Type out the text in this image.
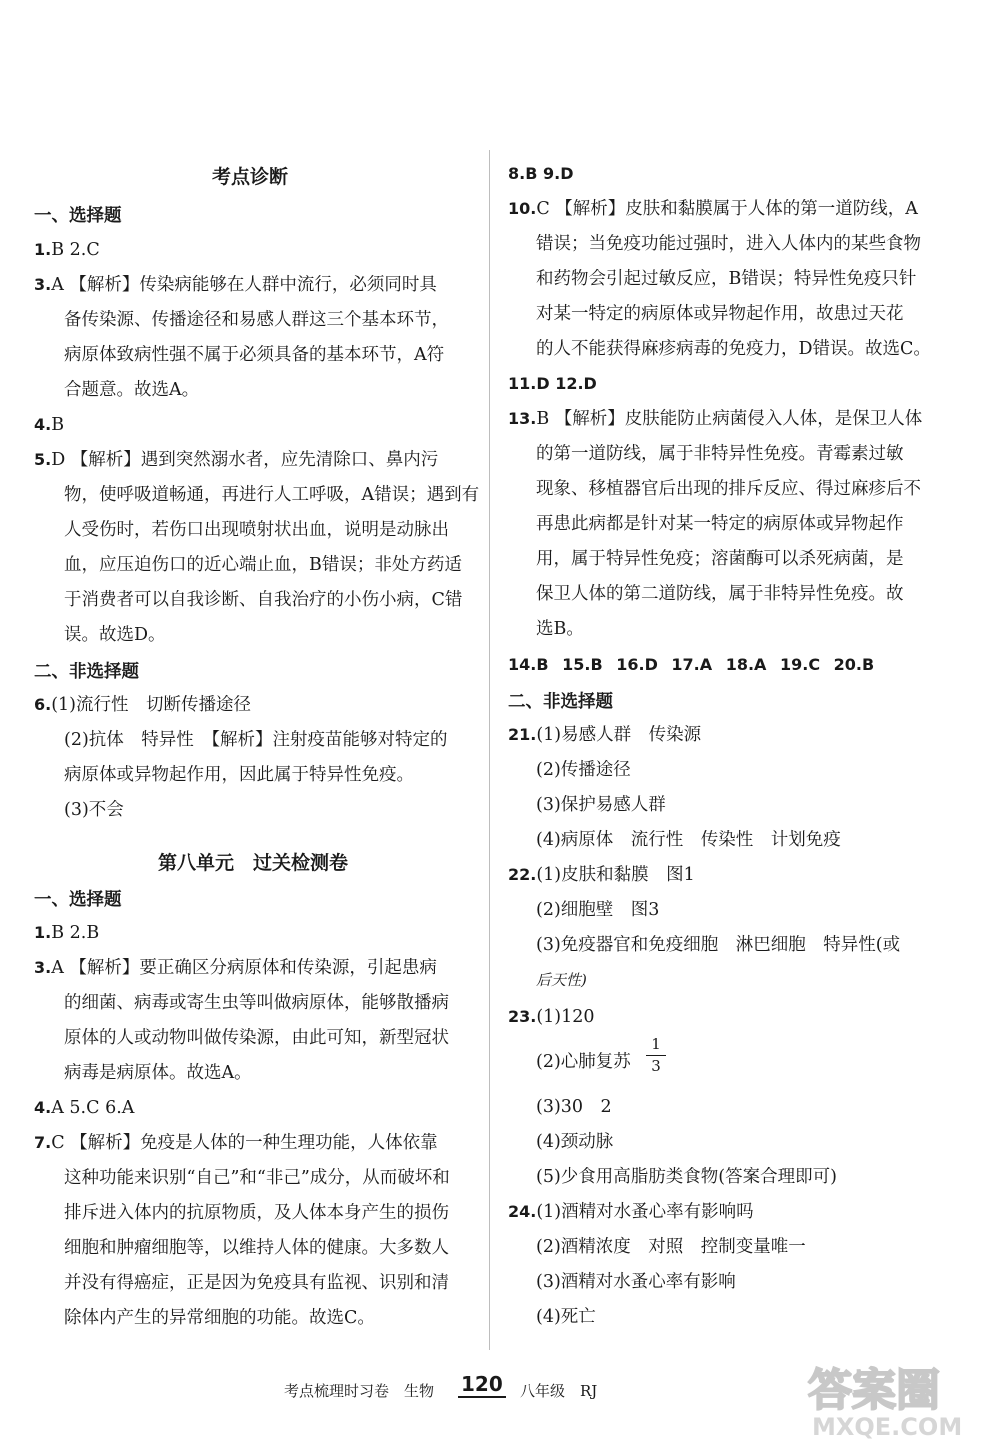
考点诊断
一、选择题
1.B 2.C
3.A 【解析】传染病能够在人群中流行，必须同时具
备传染源、传播途径和易感人群这三个基本环节，
病原体致病性强不属于必须具备的基本环节，A符
合题意。故选A。
4.B
5.D 【解析】遇到突然溺水者，应先清除口、鼻内污
物，使呼吸道畅通，再进行人工呼吸，A错误；遇到有
人受伤时，若伤口出现喷射状出血，说明是动脉出
血，应压迫伤口的近心端止血，B错误；非处方药适
于消费者可以自我诊断、自我治疗的小伤小病，C错
误。故选D。
二、非选择题
6.(1)流行性　切断传播途径
(2)抗体　特异性　【解析】注射疫苗能够对特定的
病原体或异物起作用，因此属于特异性免疫。
(3)不会
第八单元　过关检测卷
一、选择题
1.B 2.B
3.A 【解析】要正确区分病原体和传染源，引起患病
的细菌、病毒或寄生虫等叫做病原体，能够散播病
原体的人或动物叫做传染源，由此可知，新型冠状
病毒是病原体。故选A。
4.A 5.C 6.A
7.C 【解析】免疫是人体的一种生理功能，人体依靠
这种功能来识别“自己”和“非己”成分，从而破坏和
排斥进入体内的抗原物质，及人体本身产生的损伤
细胞和肿瘤细胞等，以维持人体的健康。大多数人
并没有得癌症，正是因为免疫具有监视、识别和清
除体内产生的异常细胞的功能。故选C。
8.B 9.D
10.C 【解析】皮肤和黏膜属于人体的第一道防线，A
错误；当免疫功能过强时，进入人体内的某些食物
和药物会引起过敏反应，B错误；特异性免疫只针
对某一特定的病原体或异物起作用，故患过天花
的人不能获得麻疹病毒的免疫力，D错误。故选C。
11.D 12.D
13.B 【解析】皮肤能防止病菌侵入人体，是保卫人体
的第一道防线，属于非特异性免疫。青霉素过敏
现象、移植器官后出现的排斥反应、得过麻疹后不
再患此病都是针对某一特定的病原体或异物起作
用，属于特异性免疫；溶菌酶可以杀死病菌，是
保卫人体的第二道防线，属于非特异性免疫。故
选B。
14.B 15.B 16.D 17.A 18.A 19.C 20.B
二、非选择题
21.(1)易感人群　传染源
(2)传播途径
(3)保护易感人群
(4)病原体　流行性　传染性　计划免疫
22.(1)皮肤和黏膜　图1
(2)细胞壁　图3
(3)免疫器官和免疫细胞　淋巴细胞　特异性(或
后天性)
23.(1)120
(2)心肺复苏
1
3
(3)30　2
(4)颈动脉
(5)少食用高脂肪类食物(答案合理即可)
24.(1)酒精对水蚤心率有影响吗
(2)酒精浓度　对照　控制变量唯一
(3)酒精对水蚤心率有影响
(4)死亡
考点梳理时习卷　生物 120 八年级　RJ	答案圈
MXQE.COM
